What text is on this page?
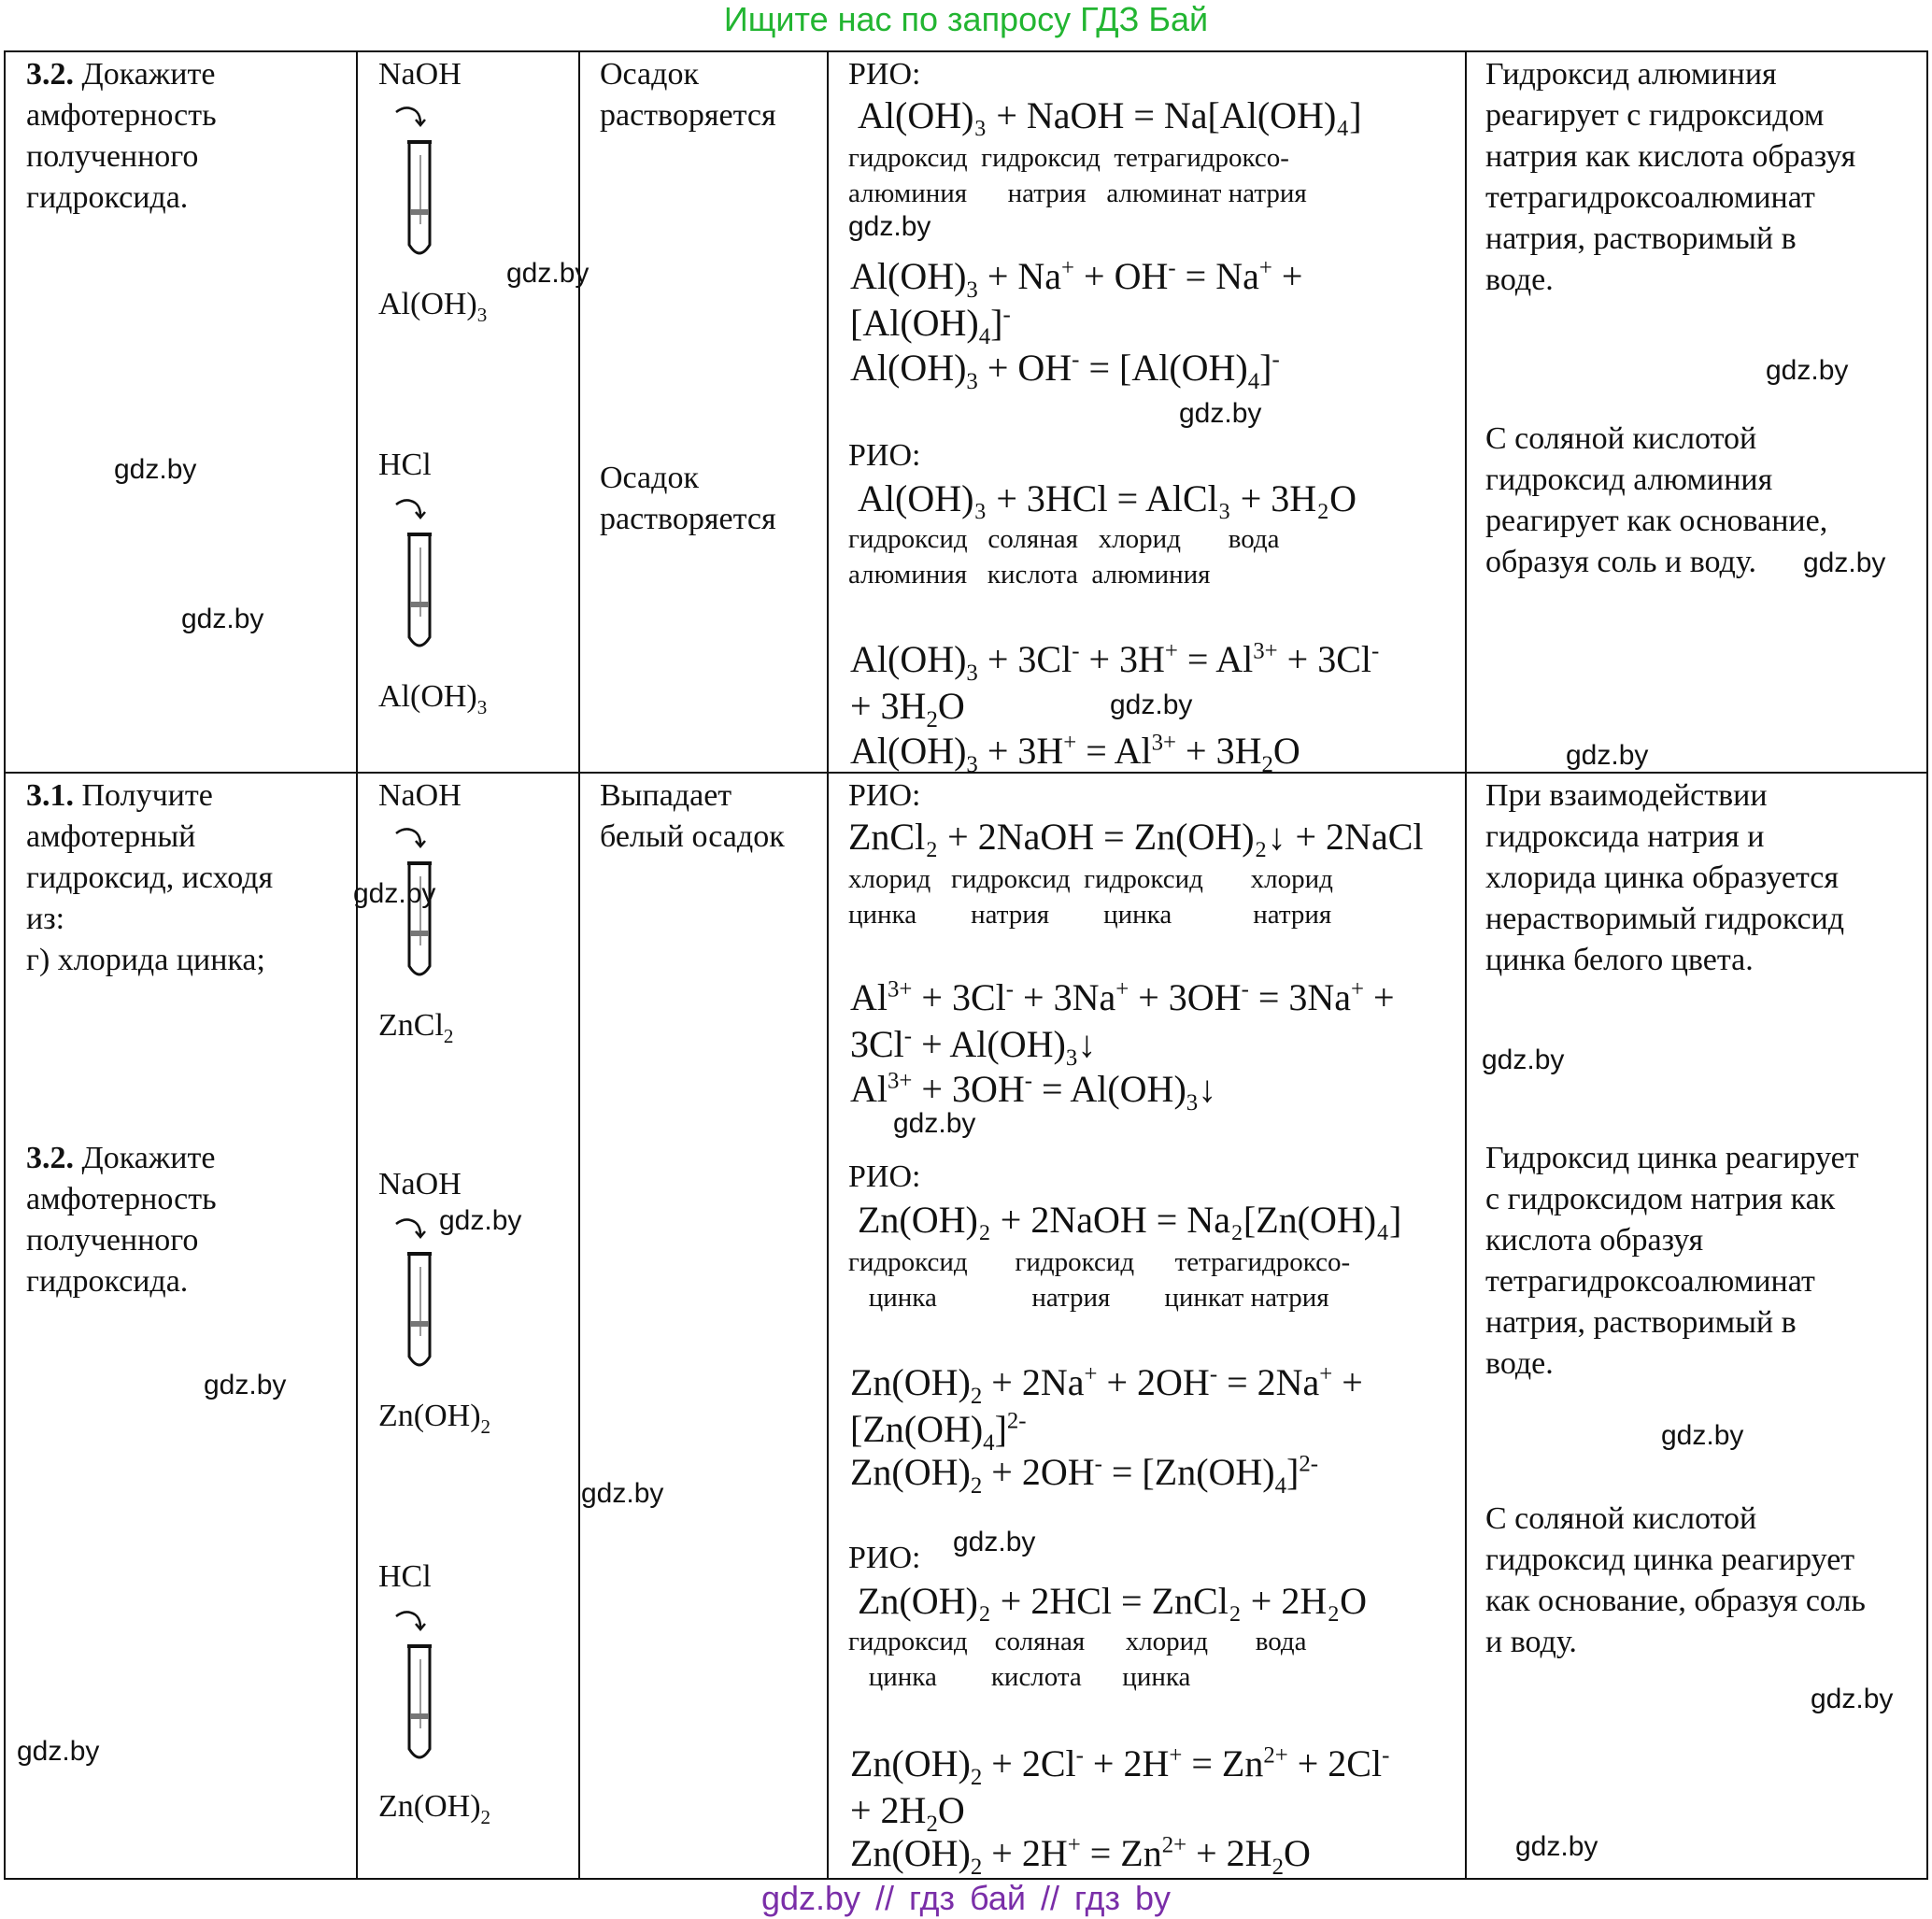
Ищите нас по запросу ГДЗ Бай
3.2. Докажите
амфотерность
полученного
гидроксида.
NaOH
$Al(OH)_3$
HCl
$Al(OH)_3$
Осадок
растворяется
Осадок
растворяется
РИО:
Al(OH)₃ + NaOH = Na[Al(OH)₄]
гидроксид  гидроксид  тетрагидроксо-
алюминия      натрия   алюминат натрия
$Al(OH)_3 + Na^+ + OH^- = Na^+$ +
$[Al(OH)_4]^-$
$Al(OH)_3 + OH^- = [Al(OH)_4]^-$
РИО:
Al(OH)₃ + 3HCl = AlCl₃ + 3H₂O
гидроксид   соляная   хлорид       вода
алюминия   кислота  алюминия
$Al(OH)_3 + 3Cl^- + 3H^+ = Al^{3+} + 3Cl^-$
+ $3H_2O$
$Al(OH)_3 + 3H^+ = Al^{3+} + 3H_2O$
Гидроксид алюминия
реагирует с гидроксидом
натрия как кислота образуя
тетрагидроксоалюминат
натрия, растворимый в
воде.
С соляной кислотой
гидроксид алюминия
реагирует как основание,
образуя соль и воду.
3.1. Получите
амфотерный
гидроксид, исходя
из:
г) хлорида цинка;
3.2. Докажите
амфотерность
полученного
гидроксида.
NaOH
ZnCl$_2$
NaOH
$Zn(OH)_2$
HCl
$Zn(OH)_2$
Выпадает
белый осадок
РИО:
ZnCl₂ + 2NaOH = Zn(OH)₂↓ + 2NaCl
хлорид   гидроксид  гидроксид       хлорид
цинка        натрия        цинка            натрия
$Al^{3+} + 3Cl^- + 3Na^+ + 3OH^- = 3Na^+$ +
$3Cl^- + Al(OH)_3↓$
$Al^{3+} + 3OH^-$ = $Al(OH)_3↓$
РИО:
Zn(OH)₂ + 2NaOH = Na₂[Zn(OH)₄]
гидроксид       гидроксид      тетрагидроксо-
цинка              натрия        цинкат натрия
$Zn(OH)_2 + 2Na^+ + 2OH^- = 2Na^+$ +
$[Zn(OH)_4]^{2-}$
$Zn(OH)_2 + 2OH^- = [Zn(OH)_4]^{2-}$
РИО:
Zn(OH)₂ + 2HCl = ZnCl₂ + 2H₂O
гидроксид    соляная      хлорид       вода
цинка        кислота      цинка
$Zn(OH)_2 + 2Cl^- + 2H^+ = Zn^{2+} + 2Cl^-$
+ $2H_2O$
$Zn(OH)_2 + 2H^+ = Zn^{2+} + 2H_2O$
При взаимодействии
гидроксида натрия и
хлорида цинка образуется
нерастворимый гидроксид
цинка белого цвета.
Гидроксид цинка реагирует
с гидроксидом натрия как
кислота образуя
тетрагидроксоалюминат
натрия, растворимый в
воде.
С соляной кислотой
гидроксид цинка реагирует
как основание, образуя соль
и воду.
gdz.by
gdz.by
gdz.by
gdz.by
gdz.by
gdz.by
gdz.by
gdz.by
gdz.by
gdz.by
gdz.by
gdz.by
gdz.by
gdz.by
gdz.by
gdz.by
gdz.by
gdz.by
gdz.by
gdz.by
gdz.by // гдз бай // гдз by
